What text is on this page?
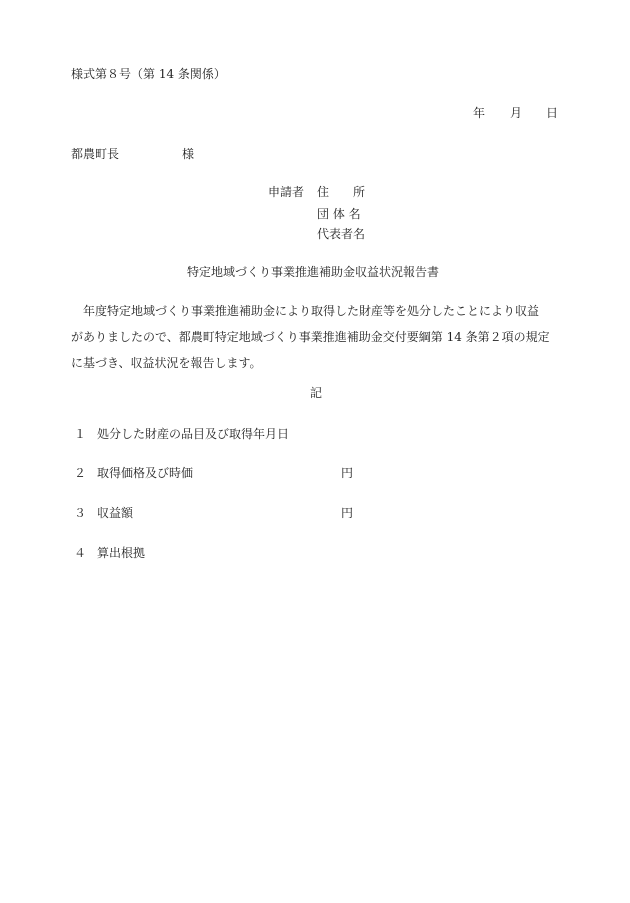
様式第８号（第 14 条関係）
年 月 日
都農町長	様
申請者 住　　所
団 体 名
代表者名
特定地域づくり事業推進補助金収益状況報告書
　年度特定地域づくり事業推進補助金により取得した財産等を処分したことにより収益
がありましたので、都農町特定地域づくり事業推進補助金交付要綱第 14 条第２項の規定
に基づき、収益状況を報告します。
記
１ 処分した財産の品目及び取得年月日
２ 取得価格及び時価	円
３ 収益額	円
４ 算出根拠
